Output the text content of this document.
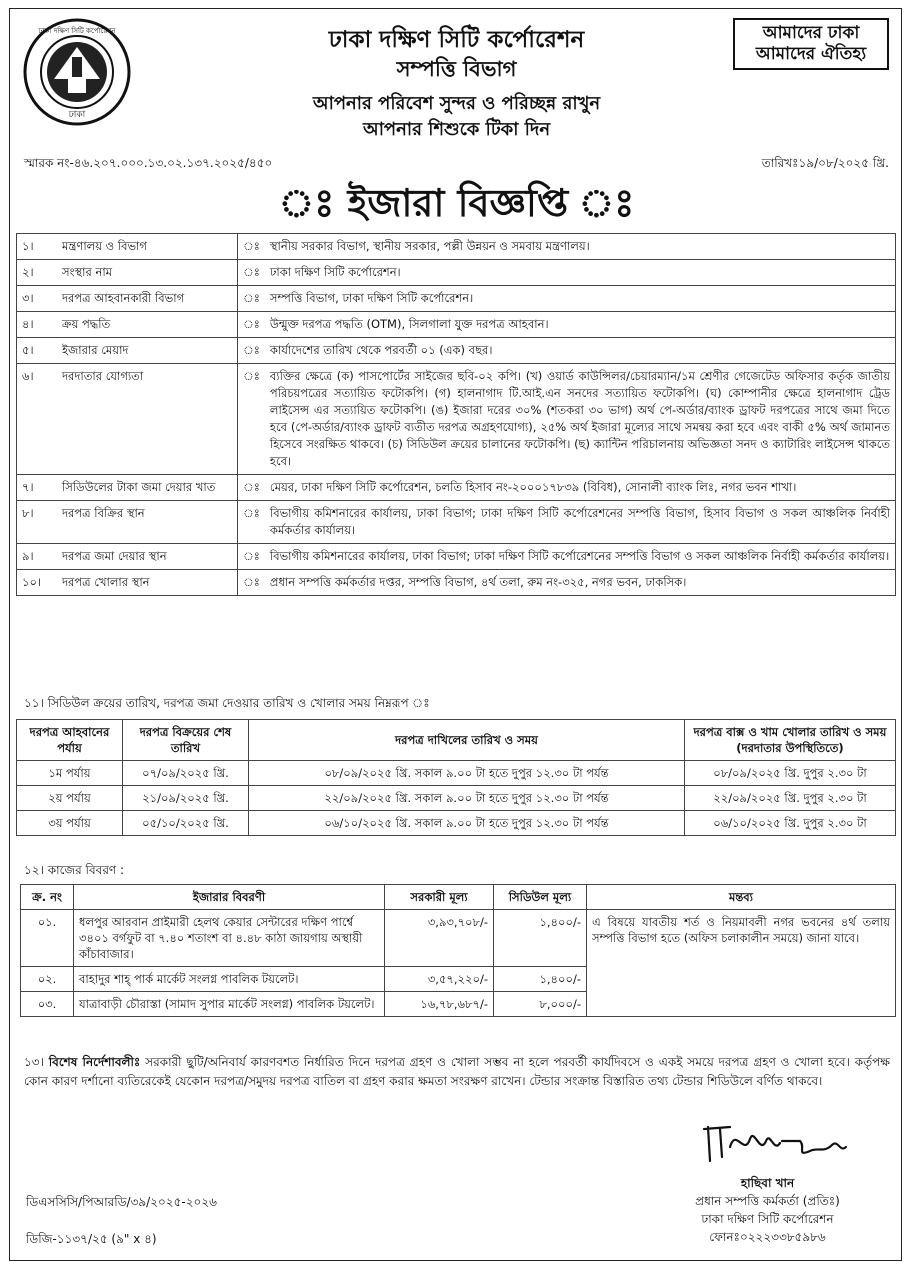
ঢাকা
ঢাকা দক্ষিণ সিটি কর্পোরেশন	ঢাকা দক্ষিণ সিটি কর্পোরেশন
সম্পত্তি বিভাগ
আপনার পরিবেশ সুন্দর ও পরিচ্ছন্ন রাখুন
আপনার শিশুকে টিকা দিন
আমাদের ঢাকা
আমাদের ঐতিহ্য
স্মারক নং-৪৬.২০৭.০০০.১৩.০২.১৩৭.২০২৫/৪৫০	তারিখঃ১৯/০৮/২০২৫ খ্রি.
ঃ ইজারা বিজ্ঞপ্তি ঃ
১।	মন্ত্রণালয় ও বিভাগ	ঃ	স্থানীয় সরকার বিভাগ, স্থানীয় সরকার, পল্লী উন্নয়ন ও সমবায় মন্ত্রণালয়।
২।	সংস্থার নাম	ঃ	ঢাকা দক্ষিণ সিটি কর্পোরেশন।
৩।	দরপত্র আহবানকারী বিভাগ	ঃ	সম্পত্তি বিভাগ, ঢাকা দক্ষিণ সিটি কর্পোরেশন।
৪।	ক্রয় পদ্ধতি	ঃ	উন্মুক্ত দরপত্র পদ্ধতি (OTM), সিলগালা যুক্ত দরপত্র আহবান।
৫।	ইজারার মেয়াদ	ঃ	কার্যাদেশের তারিখ থেকে পরবর্তী ০১ (এক) বছর।
৬।	দরদাতার যোগ্যতা	ঃ	ব্যক্তির ক্ষেত্রে (ক) পাসপোর্টের সাইজের ছবি-০২ কপি। (খ) ওয়ার্ড কাউন্সিলর/চেয়ারম্যান/১ম শ্রেণীর গেজেটেড অফিসার কর্তৃক জাতীয় পরিচয়পত্রের সত্যায়িত ফটোকপি। (গ) হালনাগাদ টি.আই.এন সনদের সত্যায়িত ফটোকপি। (ঘ) কোম্পানীর ক্ষেত্রে হালনাগাদ ট্রেড লাইসেন্স এর সত্যায়িত ফটোকপি। (ঙ) ইজারা দরের ৩০% (শতকরা ৩০ ভাগ) অর্থ পে-অর্ডার/ব্যাংক ড্রাফট দরপত্রের সাথে জমা দিতে হবে (পে-অর্ডার/ব্যাংক ড্রাফট ব্যতীত দরপত্র অগ্রহণযোগ্য), ২৫% অর্থ ইজারা মূল্যের সাথে সমন্বয় করা হবে এবং বাকী ৫% অর্থ জামানত হিসেবে সংরক্ষিত থাকবে। (চ) সিডিউল ক্রয়ের চালানের ফটোকপি। (ছ) ক্যান্টিন পরিচালনায় অভিজ্ঞতা সনদ ও ক্যাটারিং লাইসেন্স থাকতে হবে।
৭।	সিডিউলের টাকা জমা দেয়ার খাত	ঃ	মেয়র, ঢাকা দক্ষিণ সিটি কর্পোরেশন, চলতি হিসাব নং-২০০০১৭৮৩৯ (বিবিধ), সোনালী ব্যাংক লিঃ, নগর ভবন শাখা।
৮।	দরপত্র বিক্রির স্থান	ঃ	বিভাগীয় কমিশনারের কার্যালয়, ঢাকা বিভাগ; ঢাকা দক্ষিণ সিটি কর্পোরেশনের সম্পত্তি বিভাগ, হিসাব বিভাগ ও সকল আঞ্চলিক নির্বাহী কর্মকর্তার কার্যালয়।
৯।	দরপত্র জমা দেয়ার স্থান	ঃ	বিভাগীয় কমিশনারের কার্যালয়, ঢাকা বিভাগ; ঢাকা দক্ষিণ সিটি কর্পোরেশনের সম্পত্তি বিভাগ ও সকল আঞ্চলিক নির্বাহী কর্মকর্তার কার্যালয়।
১০।	দরপত্র খোলার স্থান	ঃ	প্রধান সম্পত্তি কর্মকর্তার দপ্তর, সম্পত্তি বিভাগ, ৪র্থ তলা, রুম নং-৩২৫, নগর ভবন, ঢাকসিক।
১১। সিডিউল ক্রয়ের তারিখ, দরপত্র জমা দেওয়ার তারিখ ও খোলার সময় নিম্নরূপ ঃ
দরপত্র আহবানের পর্যায়	দরপত্র বিক্রয়ের শেষ তারিখ	দরপত্র দাখিলের তারিখ ও সময়	দরপত্র বাক্স ও খাম খোলার তারিখ ও সময় (দরদাতার উপস্থিতিতে)
১ম পর্যায়	০৭/০৯/২০২৫ খ্রি.	০৮/০৯/২০২৫ খ্রি. সকাল ৯.০০ টা হতে দুপুর ১২.৩০ টা পর্যন্ত	০৮/০৯/২০২৫ খ্রি. দুপুর ২.৩০ টা
২য় পর্যায়	২১/০৯/২০২৫ খ্রি.	২২/০৯/২০২৫ খ্রি. সকাল ৯.০০ টা হতে দুপুর ১২.৩০ টা পর্যন্ত	২২/০৯/২০২৫ খ্রি. দুপুর ২.৩০ টা
৩য় পর্যায়	০৫/১০/২০২৫ খ্রি.	০৬/১০/২০২৫ খ্রি. সকাল ৯.০০ টা হতে দুপুর ১২.৩০ টা পর্যন্ত	০৬/১০/২০২৫ খ্রি. দুপুর ২.৩০ টা
১২। কাজের বিবরণ :
ক্র. নং	ইজারার বিবরণী	সরকারী মূল্য	সিডিউল মূল্য	মন্তব্য
০১.	ধলপুর আরবান প্রাইমারী হেলথ কেয়ার সেন্টারের দক্ষিণ পার্শ্বে ৩৪০১ বর্গফুট বা ৭.৪০ শতাংশ বা ৪.৪৮ কাঠা জায়গায় অস্থায়ী কাঁচাবাজার।	৩,৯৩,৭০৮/-	১,৪০০/-	এ বিষয়ে যাবতীয় শর্ত ও নিয়মাবলী নগর ভবনের ৪র্থ তলায় সম্পত্তি বিভাগ হতে (অফিস চলাকালীন সময়ে) জানা যাবে।
০২.	বাহাদুর শাহ্ পার্ক মার্কেট সংলগ্ন পাবলিক টয়লেট।	৩,৫৭,২২০/-	১,৪০০/-	
০৩.	যাত্রাবাড়ী চৌরাস্তা (সামাদ সুপার মার্কেট সংলগ্ন) পাবলিক টয়লেট।	১৬,৭৮,৬৮৭/-	৮,০০০/-	
১৩। বিশেষ নির্দেশাবলীঃ সরকারী ছুটি/অনিবার্য কারণবশত নির্ধারিত দিনে দরপত্র গ্রহণ ও খোলা সম্ভব না হলে পরবর্তী কার্যদিবসে ও একই সময়ে দরপত্র গ্রহণ ও খোলা হবে। কর্তৃপক্ষ কোন কারণ দর্শানো ব্যতিরেকেই যেকোন দরপত্র/সমুদয় দরপত্র বাতিল বা গ্রহণ করার ক্ষমতা সংরক্ষণ রাখেন। টেন্ডার সংক্রান্ত বিস্তারিত তথ্য টেন্ডার শিডিউলে বর্ণিত থাকবে।
হাছিবা খান
প্রধান সম্পত্তি কর্মকর্তা (প্রতিঃ)
ঢাকা দক্ষিণ সিটি কর্পোরেশন
ফোনঃ০২২২৩৩৮৫৯৮৬
ডিএসসিসি/পিআরডি/৩৯/২০২৫-২০২৬
ডিজি-১১৩৭/২৫ (৯" x ৪)
